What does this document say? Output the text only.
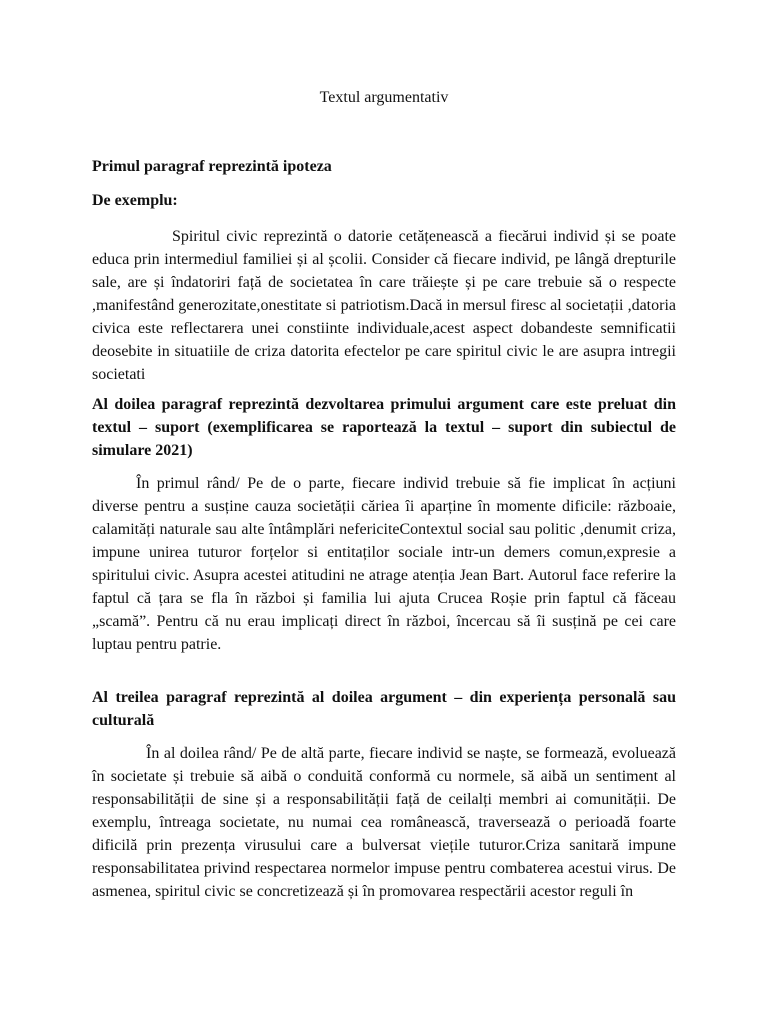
Textul argumentativ
Primul paragraf reprezintă ipoteza
De exemplu:

Spiritul civic reprezintă o datorie cetățenească a fiecărui individ și se poate educa prin intermediul familiei și al școlii. Consider că fiecare individ, pe lângă drepturile sale, are și îndatoriri față de societatea în care trăiește și pe care trebuie să o respecte ,manifestând generozitate,onestitate si patriotism.Dacă in mersul firesc al societații ,datoria civica este reflectarera unei constiinte individuale,acest aspect dobandeste semnificatii deosebite in situatiile de criza datorita efectelor pe care spiritul civic le are asupra intregii societati

Al doilea paragraf reprezintă dezvoltarea primului argument care este preluat din textul – suport (exemplificarea se raportează la textul – suport din subiectul de simulare 2021)

În primul rând/ Pe de o parte, fiecare individ trebuie să fie implicat în acțiuni diverse pentru a susține cauza societății căriea îi aparține în momente dificile: războaie, calamități naturale sau alte întâmplări nefericiteContextul social sau politic ,denumit criza, impune unirea tuturor forțelor si entitaților sociale intr-un demers comun,expresie a spiritului civic. Asupra acestei atitudini ne atrage atenția Jean Bart. Autorul face referire la faptul că țara se fla în război și familia lui ajuta Crucea Roșie prin faptul că făceau „scamă”. Pentru că nu erau implicați direct în război, încercau să îi susțină pe cei care luptau pentru patrie.

Al treilea paragraf reprezintă al doilea argument – din experiența personală sau culturală

În al doilea rând/ Pe de altă parte, fiecare individ se naște, se formează, evoluează în societate și trebuie să aibă o conduită conformă cu normele, să aibă un sentiment al responsabilității de sine și a responsabilității față de ceilalți membri ai comunității. De exemplu, întreaga societate, nu numai cea românească, traversează o perioadă foarte dificilă prin prezența virusului care a bulversat viețile tuturor.Criza sanitară impune responsabilitatea privind respectarea normelor impuse pentru combaterea acestui virus. De asmenea, spiritul civic se concretizează și în promovarea respectării acestor reguli în
